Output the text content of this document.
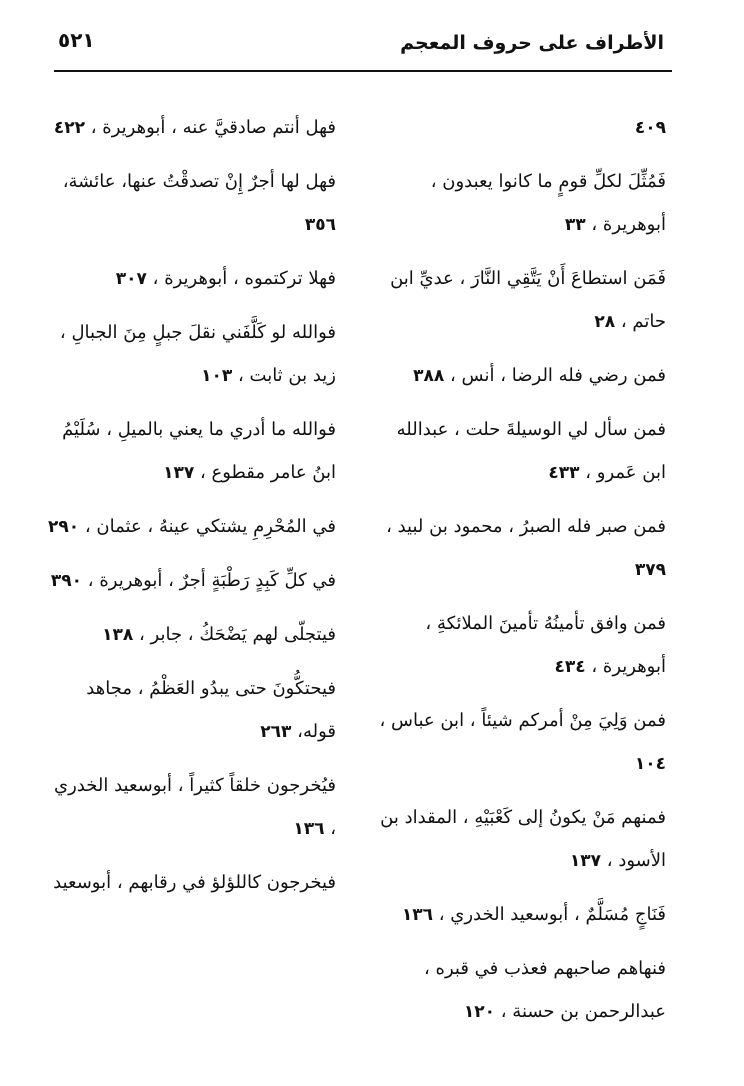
الأطراف على حروف المعجم
٥٢١
٤٠٩
فَمُثِّلَ لكلِّ قومٍ ما كانوا يعبدون ، أبوهريرة ، ٣٣
فَمَن استطاعَ أَنْ يَتَّقِي النَّارَ ، عديِّ ابن حاتم ، ٢٨
فمن رضي فله الرضا ، أنس ، ٣٨٨
فمن سأل لي الوسيلةَ حلت ، عبدالله ابن عَمرو ، ٤٣٣
فمن صبر فله الصبرُ ، محمود بن لبيد ، ٣٧٩
فمن وافق تأمينُهُ تأمينَ الملائكةِ ، أبوهريرة ، ٤٣٤
فمن وَلِيَ مِنْ أمركم شيئاً ، ابن عباس ، ١٠٤
فمنهم مَنْ يكونُ إلى كَعْبَيْهِ ، المقداد بن الأسود ، ١٣٧
فَنَاجٍ مُسَلَّمٌ ، أبوسعيد الخدري ، ١٣٦
فنهاهم صاحبهم فعذب في قبره ، عبدالرحمن بن حسنة ، ١٢٠
فهل أنتم صادقيَّ عنه ، أبوهريرة ، ٤٢٢
فهل لها أجرٌ إِنْ تصدقْتُ عنها، عائشة، ٣٥٦
فهلا تركتموه ، أبوهريرة ، ٣٠٧
فوالله لو كَلَّفَني نقلَ جبلٍ مِنَ الجبالِ ، زيد بن ثابت ، ١٠٣
فوالله ما أدري ما يعني بالميلِ ، سُلَيْمُ ابنُ عامر مقطوع ، ١٣٧
في المُحْرِمِ يشتكي عينهُ ، عثمان ، ٢٩٠
في كلِّ كَبِدٍ رَطْبَةٍ أجرٌ ، أبوهريرة ، ٣٩٠
فيتجلّى لهم يَضْحَكُ ، جابر ، ١٣٨
فيحتكُّونَ حتى يبدُو العَظْمُ ، مجاهد قوله، ٢٦٣
فيُخرجون خلقاً كثيراً ، أبوسعيد الخدري ، ١٣٦
فيخرجون كاللؤلؤ في رقابهم ، أبوسعيد
